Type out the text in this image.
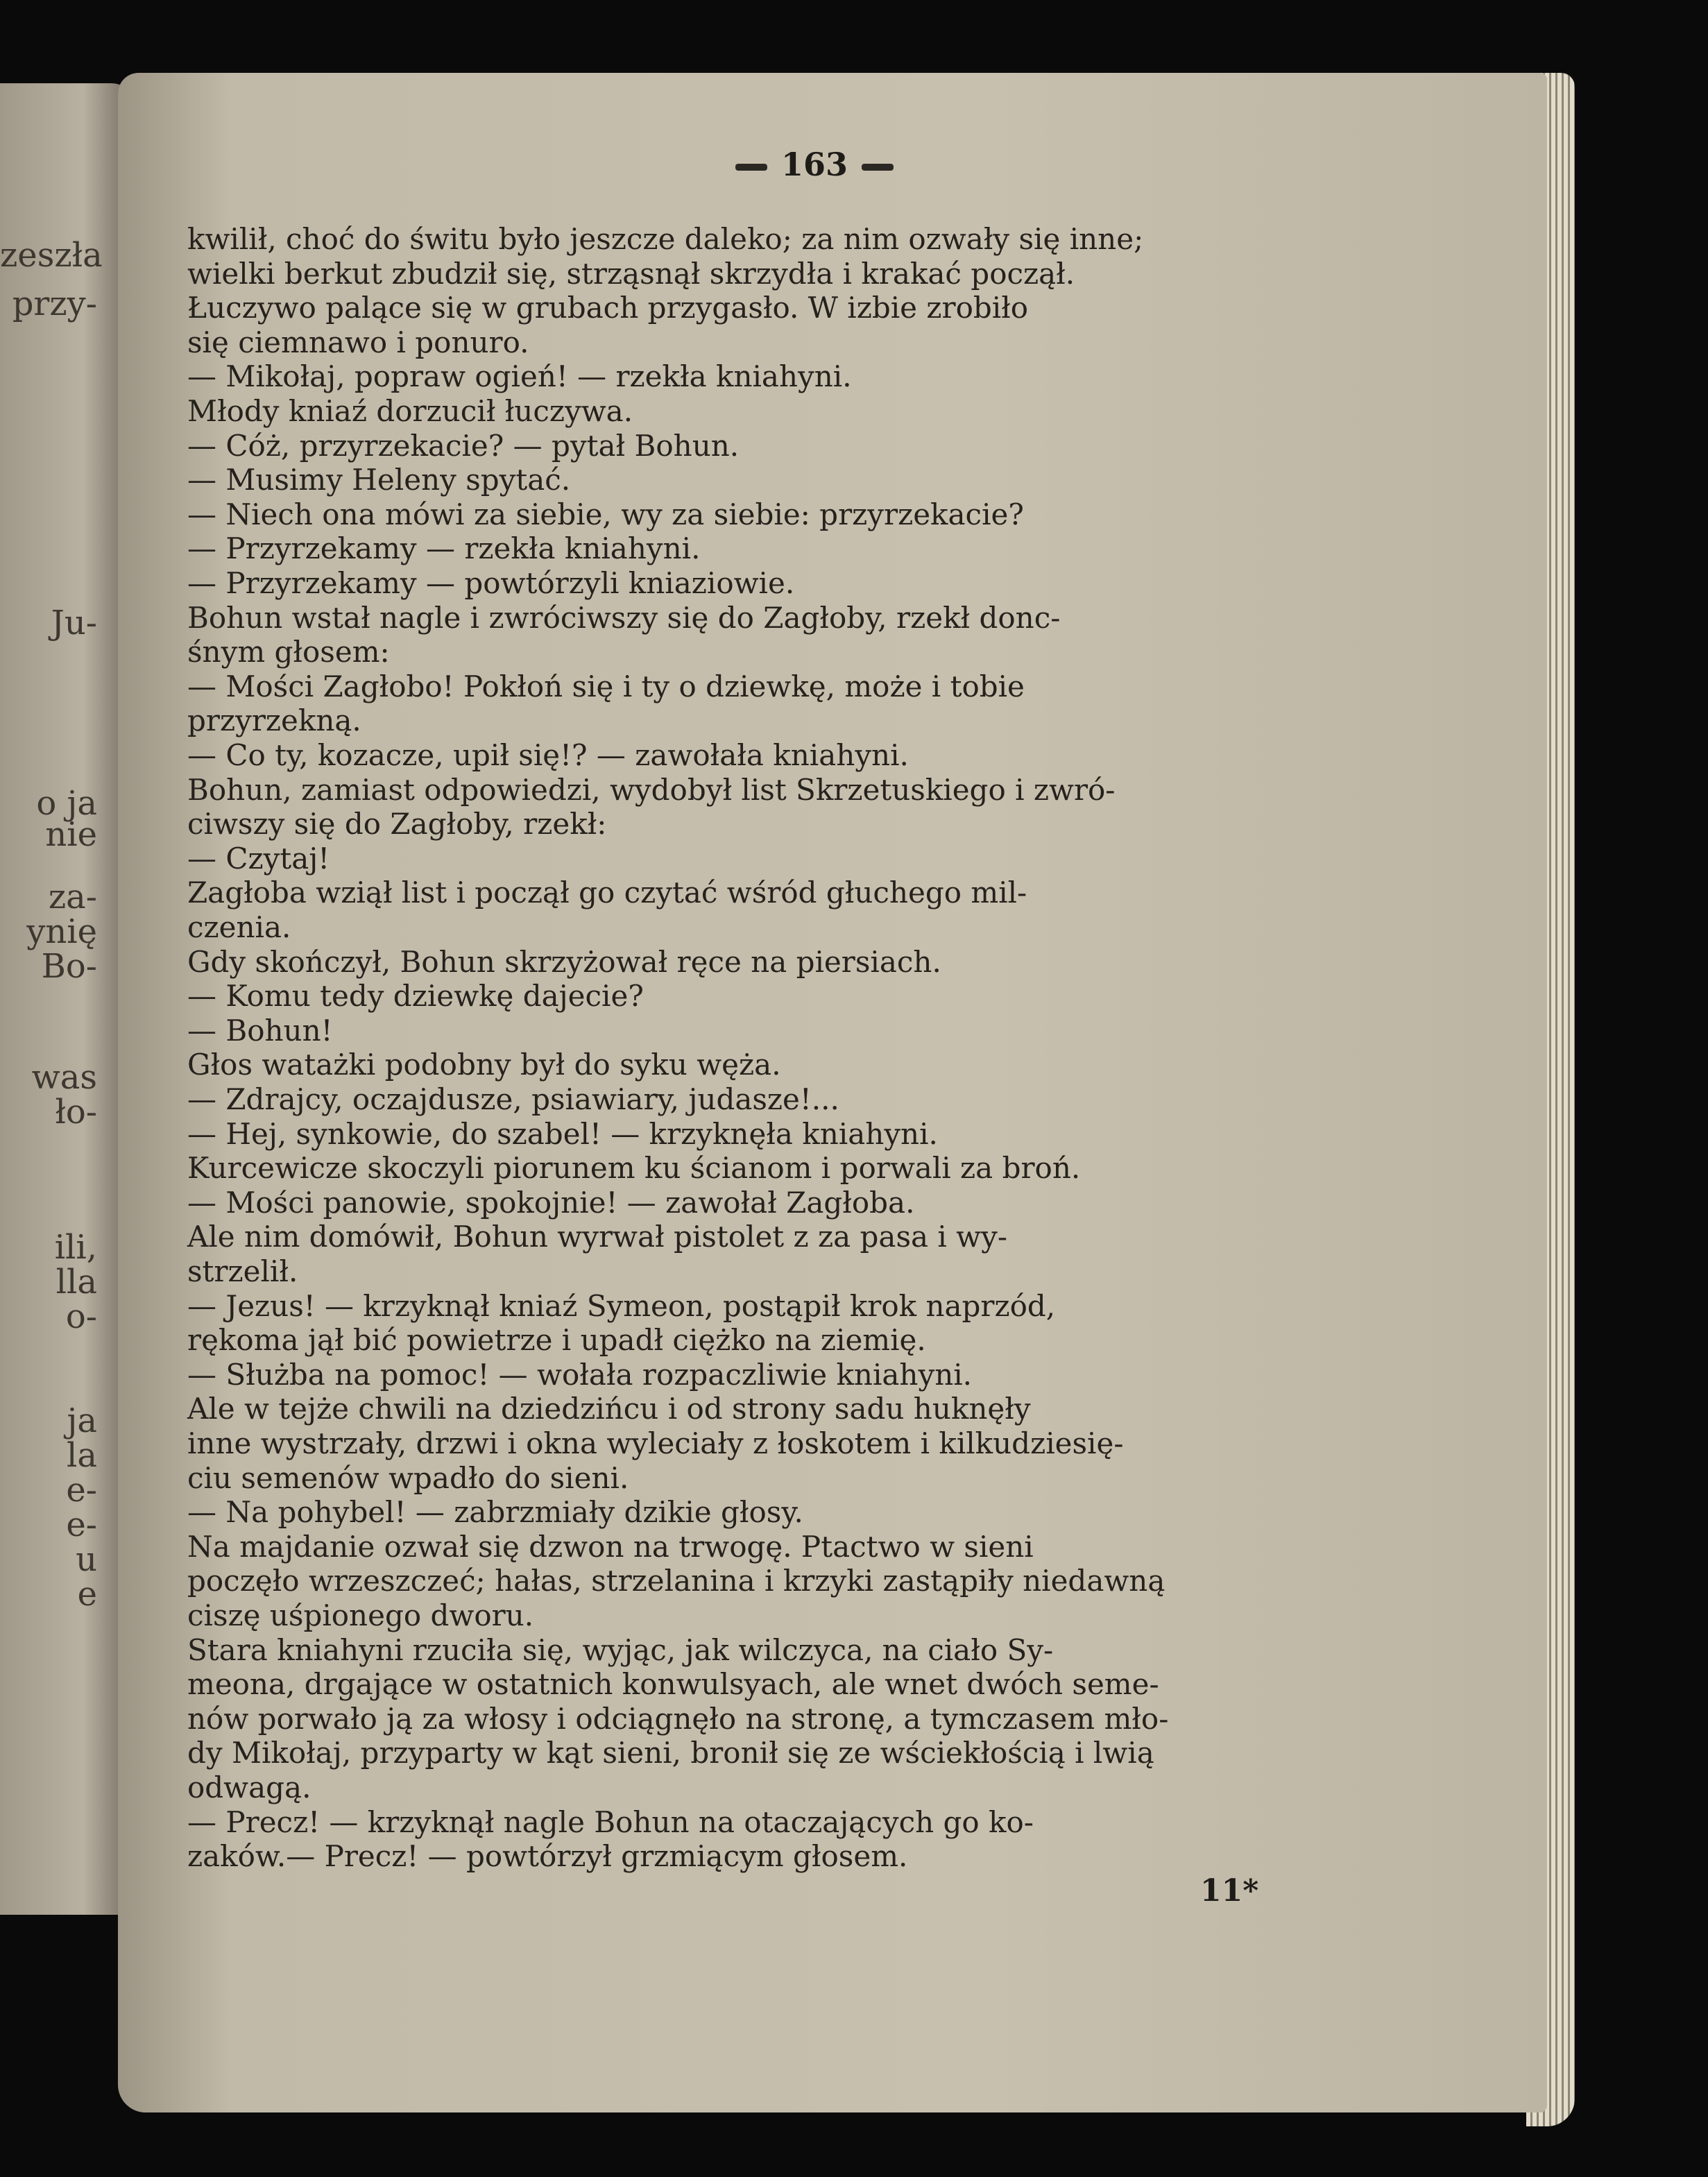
zeszła
przy-
Ju-
o ja
nie
za-
ynię
Bo-
was
ło-
ili,
lla
o-
ja
la
e-
e-
u
e
163
kwilił, choć do świtu było jeszcze daleko; za nim ozwały się inne;
wielki berkut zbudził się, strząsnął skrzydła i krakać począł.
Łuczywo palące się w grubach przygasło. W izbie zrobiło
się ciemnawo i ponuro.
— Mikołaj, popraw ogień! — rzekła kniahyni.
Młody kniaź dorzucił łuczywa.
— Cóż, przyrzekacie? — pytał Bohun.
— Musimy Heleny spytać.
— Niech ona mówi za siebie, wy za siebie: przyrzekacie?
— Przyrzekamy — rzekła kniahyni.
— Przyrzekamy — powtórzyli kniaziowie.
Bohun wstał nagle i zwróciwszy się do Zagłoby, rzekł donc-
śnym głosem:
— Mości Zagłobo! Pokłoń się i ty o dziewkę, może i tobie
przyrzekną.
— Co ty, kozacze, upił się!? — zawołała kniahyni.
Bohun, zamiast odpowiedzi, wydobył list Skrzetuskiego i zwró-
ciwszy się do Zagłoby, rzekł:
— Czytaj!
Zagłoba wziął list i począł go czytać wśród głuchego mil-
czenia.
Gdy skończył, Bohun skrzyżował ręce na piersiach.
— Komu tedy dziewkę dajecie?
— Bohun!
Głos watażki podobny był do syku węża.
— Zdrajcy, oczajdusze, psiawiary, judasze!...
— Hej, synkowie, do szabel! — krzyknęła kniahyni.
Kurcewicze skoczyli piorunem ku ścianom i porwali za broń.
— Mości panowie, spokojnie! — zawołał Zagłoba.
Ale nim domówił, Bohun wyrwał pistolet z za pasa i wy-
strzelił.
— Jezus! — krzyknął kniaź Symeon, postąpił krok naprzód,
rękoma jął bić powietrze i upadł ciężko na ziemię.
— Służba na pomoc! — wołała rozpaczliwie kniahyni.
Ale w tejże chwili na dziedzińcu i od strony sadu huknęły
inne wystrzały, drzwi i okna wyleciały z łoskotem i kilkudziesię-
ciu semenów wpadło do sieni.
— Na pohybel! — zabrzmiały dzikie głosy.
Na majdanie ozwał się dzwon na trwogę. Ptactwo w sieni
poczęło wrzeszczeć; hałas, strzelanina i krzyki zastąpiły niedawną
ciszę uśpionego dworu.
Stara kniahyni rzuciła się, wyjąc, jak wilczyca, na ciało Sy-
meona, drgające w ostatnich konwulsyach, ale wnet dwóch seme-
nów porwało ją za włosy i odciągnęło na stronę, a tymczasem mło-
dy Mikołaj, przyparty w kąt sieni, bronił się ze wściekłością i lwią
odwagą.
— Precz! — krzyknął nagle Bohun na otaczających go ko-
zaków.— Precz! — powtórzył grzmiącym głosem.
11*
